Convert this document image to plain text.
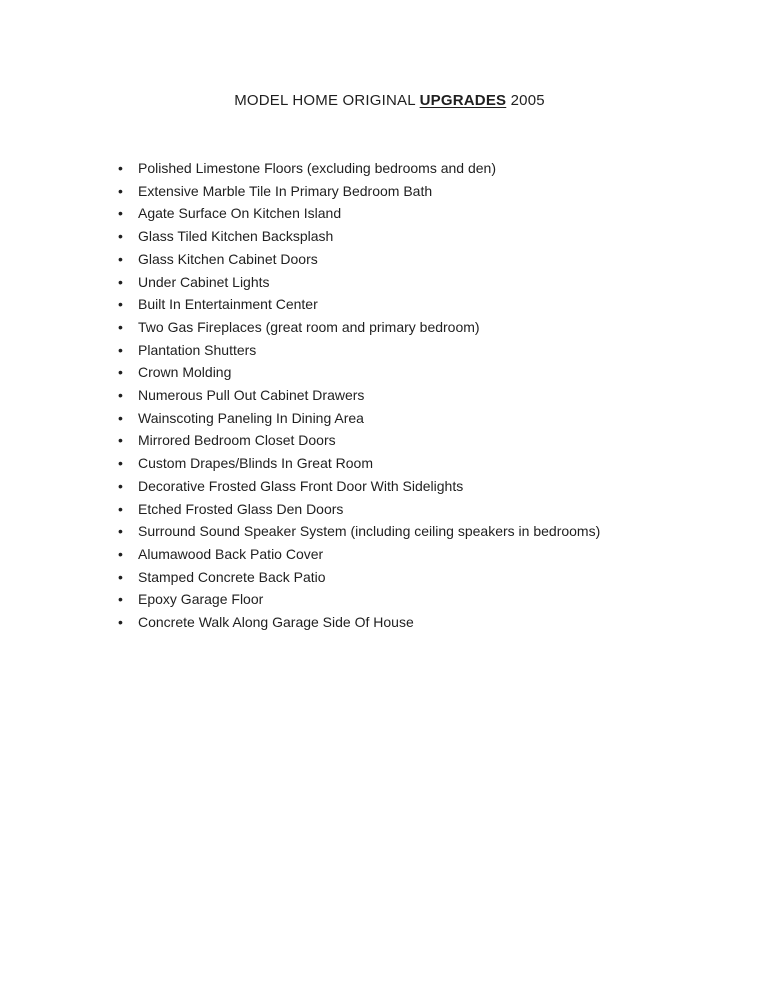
MODEL HOME ORIGINAL UPGRADES 2005
•	Polished Limestone Floors (excluding bedrooms and den)
•	Extensive Marble Tile In Primary Bedroom Bath
•	Agate Surface On Kitchen Island
•	Glass Tiled Kitchen Backsplash
•	Glass Kitchen Cabinet Doors
•	Under Cabinet Lights
•	Built In Entertainment Center
•	Two Gas Fireplaces (great room and primary bedroom)
•	Plantation Shutters
•	Crown Molding
•	Numerous Pull Out Cabinet Drawers
•	Wainscoting Paneling In Dining Area
•	Mirrored Bedroom Closet Doors
•	Custom Drapes/Blinds In Great Room
•	Decorative Frosted Glass Front Door With Sidelights
•	Etched Frosted Glass Den Doors
•	Surround Sound Speaker System (including ceiling speakers in bedrooms)
•	Alumawood Back Patio Cover
•	Stamped Concrete Back Patio
•	Epoxy Garage Floor
•	Concrete Walk Along Garage Side Of House
